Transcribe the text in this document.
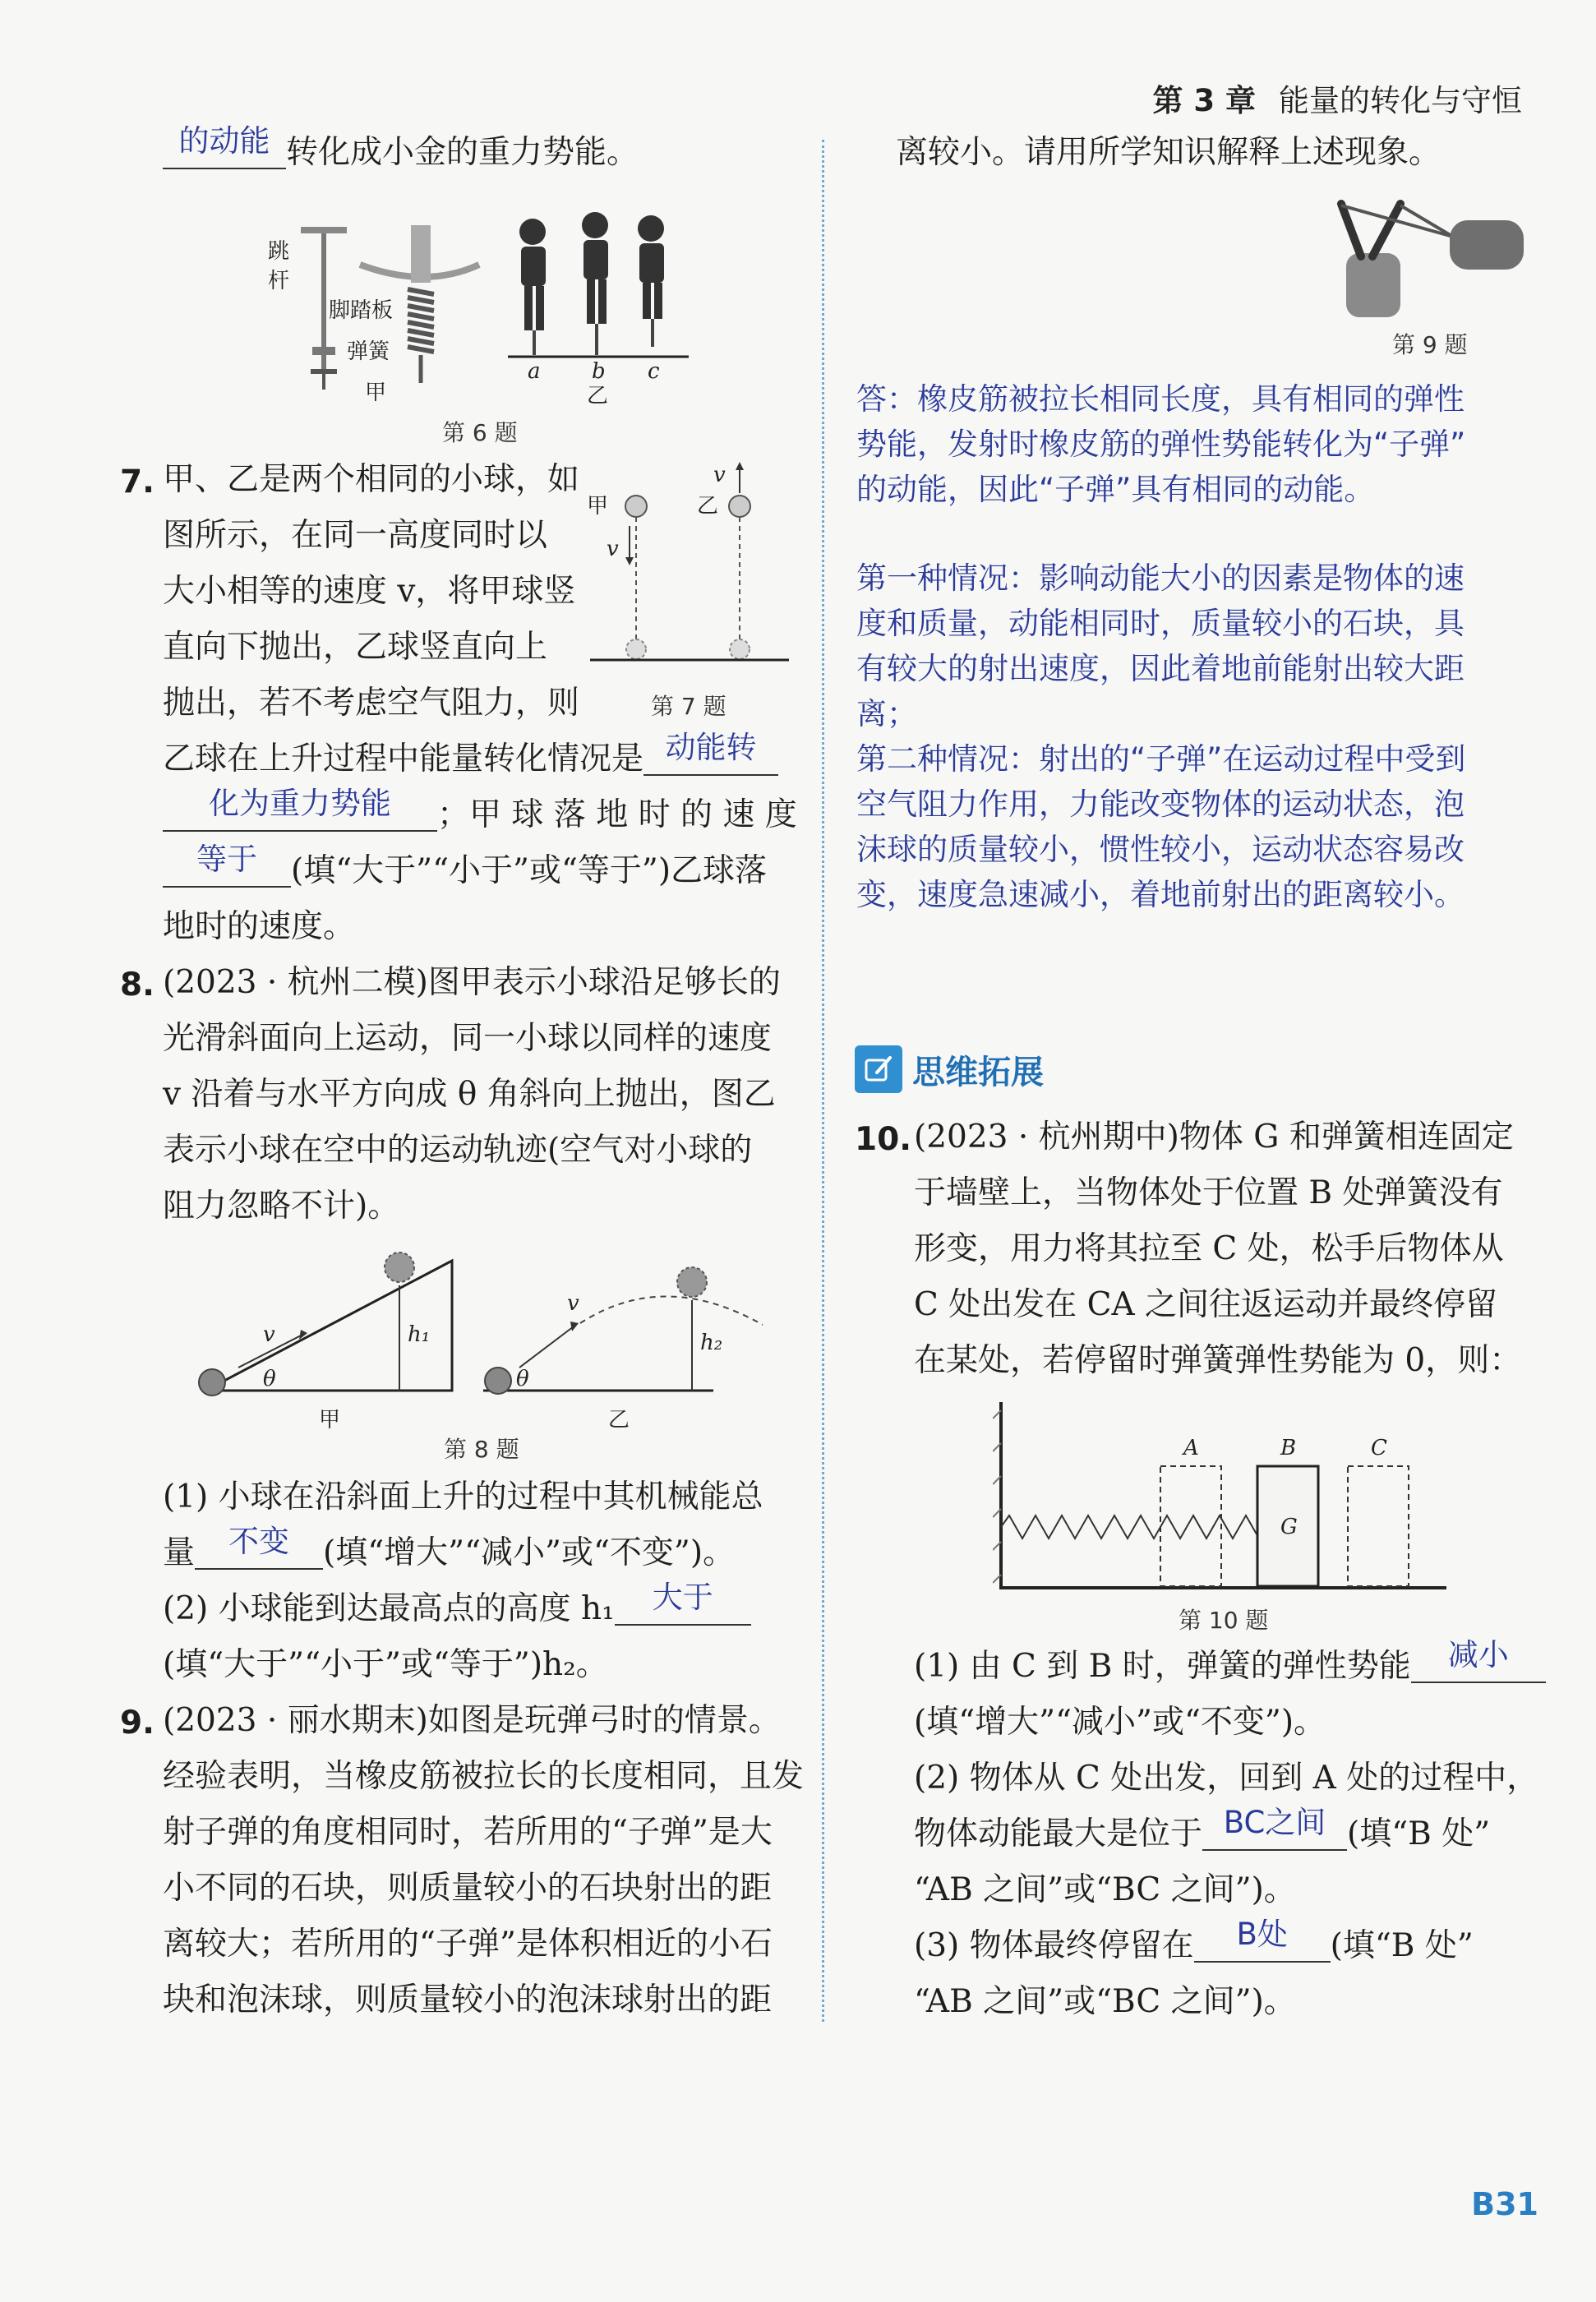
第 3 章 能量的转化与守恒
的动能 转化成小金的重力势能。
跳
杆
脚踏板
弹簧
甲
a b c
乙
第 6 题
7. 甲、乙是两个相同的小球，如
图所示，在同一高度同时以
大小相等的速度 v，将甲球竖
直向下抛出，乙球竖直向上
抛出，若不考虑空气阻力，则
甲
v
乙
v
第 7 题
乙球在上升过程中能量转化情况是 动能转
化为重力势能 ；甲 球 落 地 时 的 速 度
等于 (填“大于”“小于”或“等于”)乙球落
地时的速度。
8. (2023 · 杭州二模)图甲表示小球沿足够长的
光滑斜面向上运动，同一小球以同样的速度
v 沿着与水平方向成 θ 角斜向上抛出，图乙
表示小球在空中的运动轨迹(空气对小球的
阻力忽略不计)。
v
θ
h₁
甲
v
θ
h₂
乙
第 8 题
(1) 小球在沿斜面上升的过程中其机械能总
量 不变 (填“增大”“减小”或“不变”)。
(2) 小球能到达最高点的高度 h₁ 大于
(填“大于”“小于”或“等于”)h₂。
9. (2023 · 丽水期末)如图是玩弹弓时的情景。
经验表明，当橡皮筋被拉长的长度相同，且发
射子弹的角度相同时，若所用的“子弹”是大
小不同的石块，则质量较小的石块射出的距
离较大；若所用的“子弹”是体积相近的小石
块和泡沫球，则质量较小的泡沫球射出的距
离较小。请用所学知识解释上述现象。
第 9 题
答：橡皮筋被拉长相同长度，具有相同的弹性
势能，发射时橡皮筋的弹性势能转化为“子弹”
的动能，因此“子弹”具有相同的动能。
第一种情况：影响动能大小的因素是物体的速
度和质量，动能相同时，质量较小的石块，具
有较大的射出速度，因此着地前能射出较大距
离；
第二种情况：射出的“子弹”在运动过程中受到
空气阻力作用，力能改变物体的运动状态，泡
沫球的质量较小，惯性较小，运动状态容易改
变，速度急速减小，着地前射出的距离较小。
思维拓展
10. (2023 · 杭州期中)物体 G 和弹簧相连固定
于墙壁上，当物体处于位置 B 处弹簧没有
形变，用力将其拉至 C 处，松手后物体从
C 处出发在 CA 之间往返运动并最终停留
在某处，若停留时弹簧弹性势能为 0，则：
A	B	C
G
第 10 题
(1) 由 C 到 B 时，弹簧的弹性势能 减小
(填“增大”“减小”或“不变”)。
(2) 物体从 C 处出发，回到 A 处的过程中，
物体动能最大是位于 BC之间 (填“B 处”
“AB 之间”或“BC 之间”)。
(3) 物体最终停留在 B处 (填“B 处”
“AB 之间”或“BC 之间”)。
B31
